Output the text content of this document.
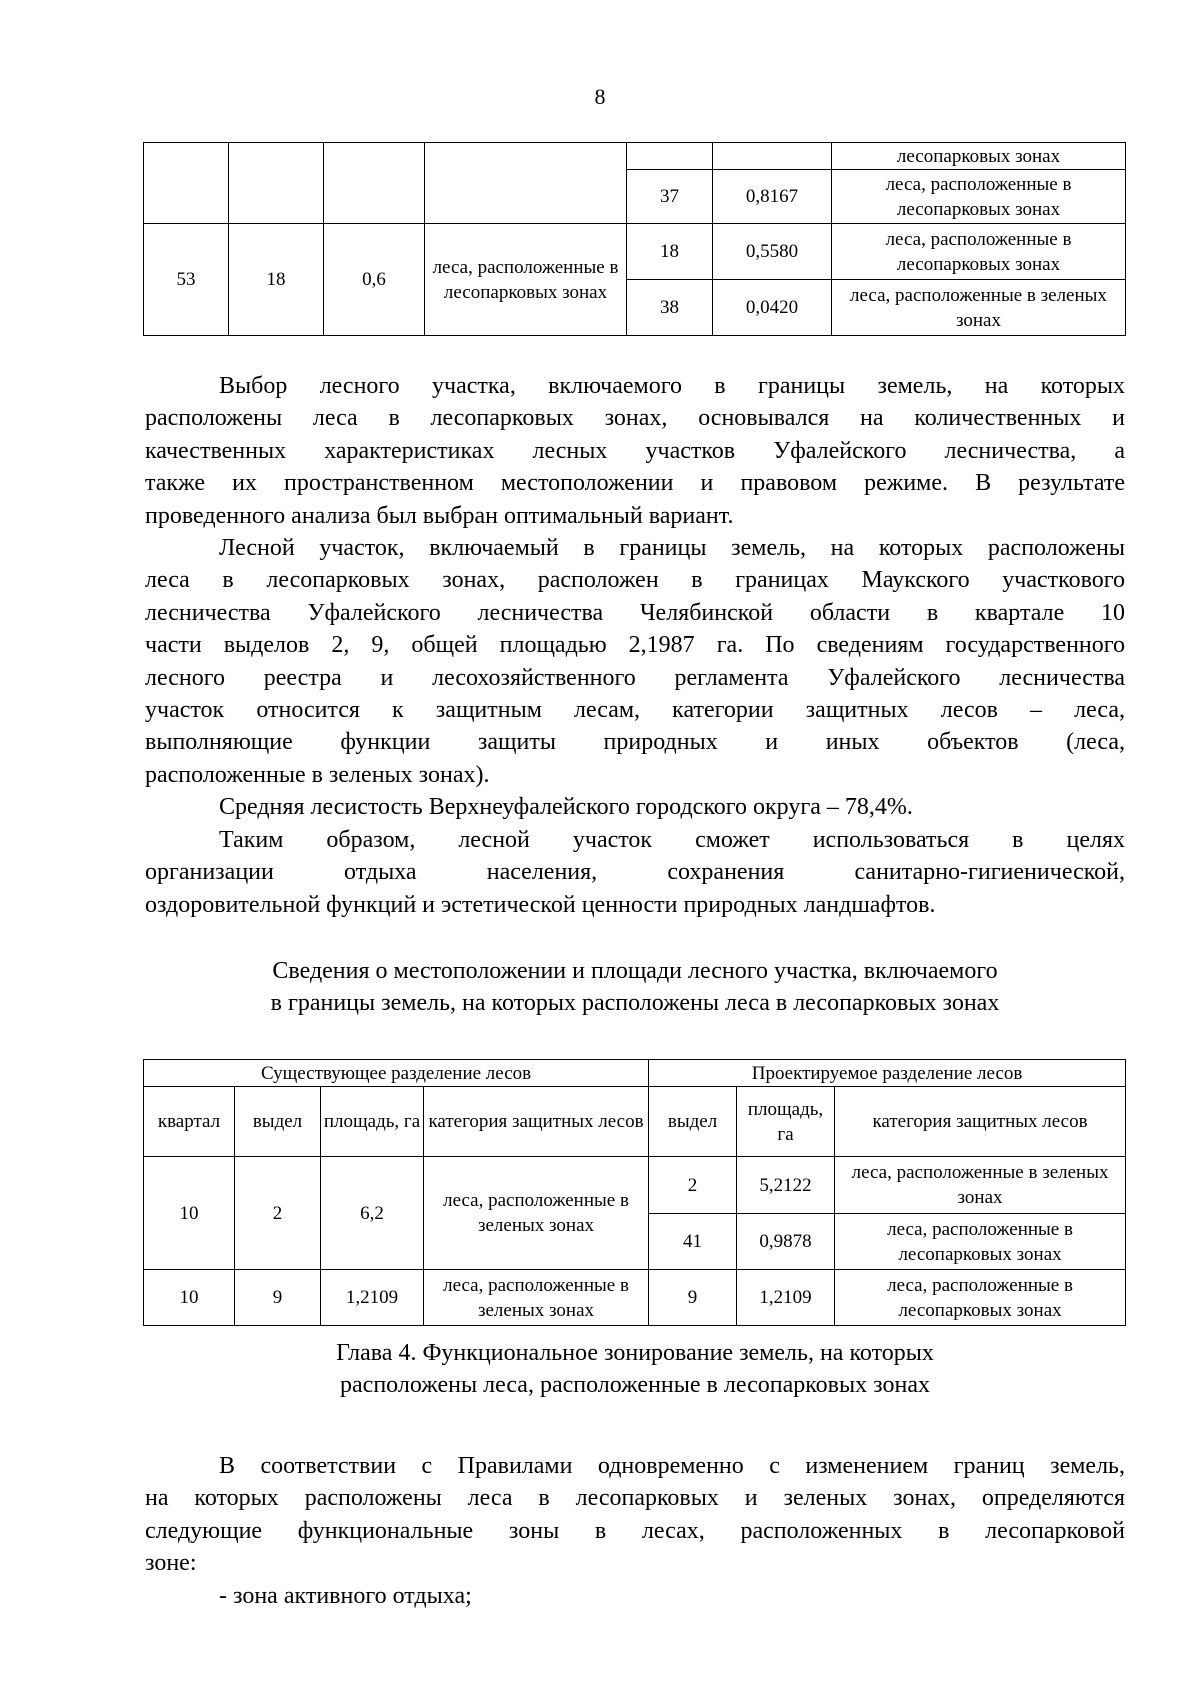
8
						лесопарковых зонах
				37	0,8167	леса, расположенные в лесопарковых зонах
53	18	0,6	леса, расположенные в лесопарковых зонах	18	0,5580	леса, расположенные в лесопарковых зонах
				38	0,0420	леса, расположенные в зеленых зонах

Выбор лесного участка, включаемого в границы земель, на которых
расположены леса в лесопарковых зонах, основывался на количественных и
качественных характеристиках лесных участков Уфалейского лесничества, а
также их пространственном местоположении и правовом режиме. В результате
проведенного анализа был выбран оптимальный вариант.

Лесной участок, включаемый в границы земель, на которых расположены
леса в лесопарковых зонах, расположен в границах Маукского участкового
лесничества Уфалейского лесничества Челябинской области в квартале 10
части выделов 2, 9, общей площадью 2,1987 га. По сведениям государственного
лесного реестра и лесохозяйственного регламента Уфалейского лесничества
участок относится к защитным лесам, категории защитных лесов – леса,
выполняющие функции защиты природных и иных объектов (леса,
расположенные в зеленых зонах).

Средняя лесистость Верхнеуфалейского городского округа – 78,4%.

Таким образом, лесной участок сможет использоваться в целях
организации отдыха населения, сохранения санитарно-гигиенической,
оздоровительной функций и эстетической ценности природных ландшафтов.

Сведения о местоположении и площади лесного участка, включаемого
в границы земель, на которых расположены леса в лесопарковых зонах
Существующее разделение лесов				Проектируемое разделение лесов		
квартал	выдел	площадь, га	категория защитных лесов	выдел	площадь, га	категория защитных лесов
10	2	6,2	леса, расположенные в зеленых зонах	2	5,2122	леса, расположенные в зеленых зонах
				41	0,9878	леса, расположенные в лесопарковых зонах
10	9	1,2109	леса, расположенные в зеленых зонах	9	1,2109	леса, расположенные в лесопарковых зонах
Глава 4. Функциональное зонирование земель, на которых
расположены леса, расположенные в лесопарковых зонах

В соответствии с Правилами одновременно с изменением границ земель,
на которых расположены леса в лесопарковых и зеленых зонах, определяются
следующие функциональные зоны в лесах, расположенных в лесопарковой
зоне:

- зона активного отдыха;
